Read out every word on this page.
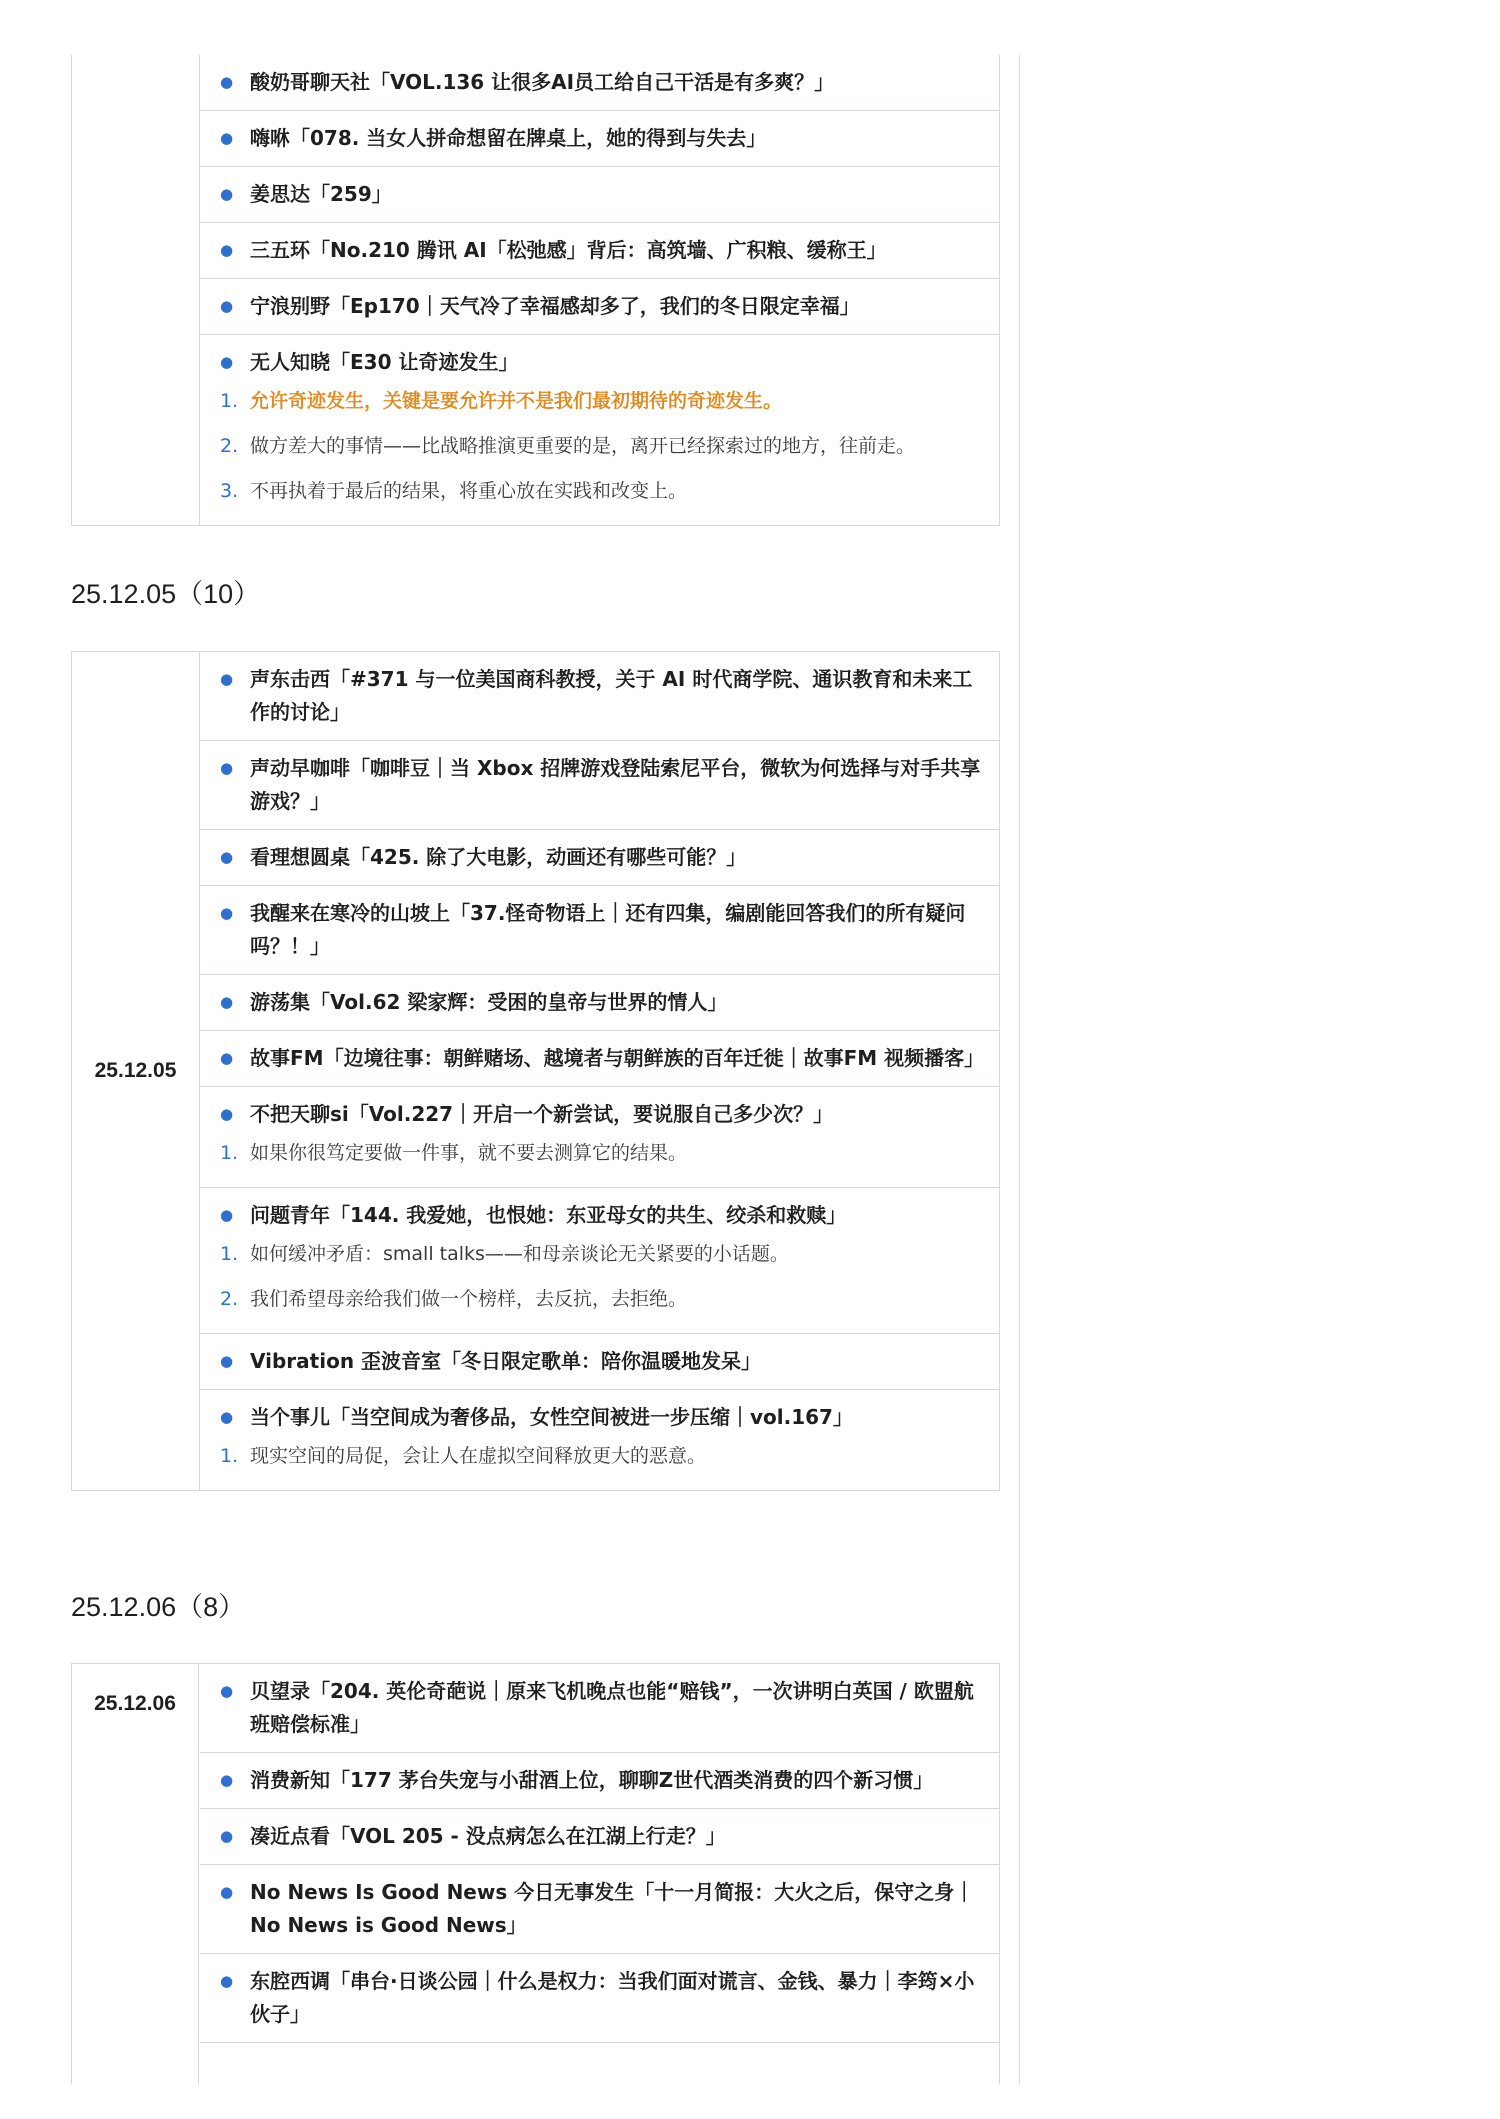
● 酸奶哥聊天社「VOL.136 让很多AI员工给自己干活是有多爽？」
● 嗨咻「078. 当女人拼命想留在牌桌上，她的得到与失去」
● 姜思达「259」
● 三五环「No.210 腾讯 AI「松弛感」背后：高筑墙、广积粮、缓称王」
● 宁浪别野「Ep170｜天气冷了幸福感却多了，我们的冬日限定幸福」
● 无人知晓「E30 让奇迹发生」
1. 允许奇迹发生，关键是要允许并不是我们最初期待的奇迹发生。
2. 做方差大的事情——比战略推演更重要的是，离开已经探索过的地方，往前走。
3. 不再执着于最后的结果，将重心放在实践和改变上。
25.12.05（10）
25.12.05
● 声东击西「#371 与一位美国商科教授，关于 AI 时代商学院、通识教育和未来工作的讨论」
● 声动早咖啡「咖啡豆｜当 Xbox 招牌游戏登陆索尼平台，微软为何选择与对手共享游戏？」
● 看理想圆桌「425. 除了大电影，动画还有哪些可能？」
● 我醒来在寒冷的山坡上「37.怪奇物语上｜还有四集，编剧能回答我们的所有疑问吗？！」
● 游荡集「Vol.62 梁家辉：受困的皇帝与世界的情人」
● 故事FM「边境往事：朝鲜赌场、越境者与朝鲜族的百年迁徙｜故事FM 视频播客」
● 不把天聊si「Vol.227｜开启一个新尝试，要说服自己多少次？」
1. 如果你很笃定要做一件事，就不要去测算它的结果。
● 问题青年「144. 我爱她，也恨她：东亚母女的共生、绞杀和救赎」
1. 如何缓冲矛盾：small talks——和母亲谈论无关紧要的小话题。
2. 我们希望母亲给我们做一个榜样，去反抗，去拒绝。
● Vibration 歪波音室「冬日限定歌单：陪你温暖地发呆」
● 当个事儿「当空间成为奢侈品，女性空间被进一步压缩｜vol.167」
1. 现实空间的局促，会让人在虚拟空间释放更大的恶意。
25.12.06（8）
25.12.06
● 贝望录「204. 英伦奇葩说｜原来飞机晚点也能“赔钱”，一次讲明白英国 / 欧盟航班赔偿标准」
● 消费新知「177 茅台失宠与小甜酒上位，聊聊Z世代酒类消费的四个新习惯」
● 凑近点看「VOL 205 - 没点病怎么在江湖上行走？」
● No News Is Good News 今日无事发生「十一月简报：大火之后，保守之身｜No News is Good News」
● 东腔西调「串台·日谈公园｜什么是权力：当我们面对谎言、金钱、暴力｜李筠×小伙子」
